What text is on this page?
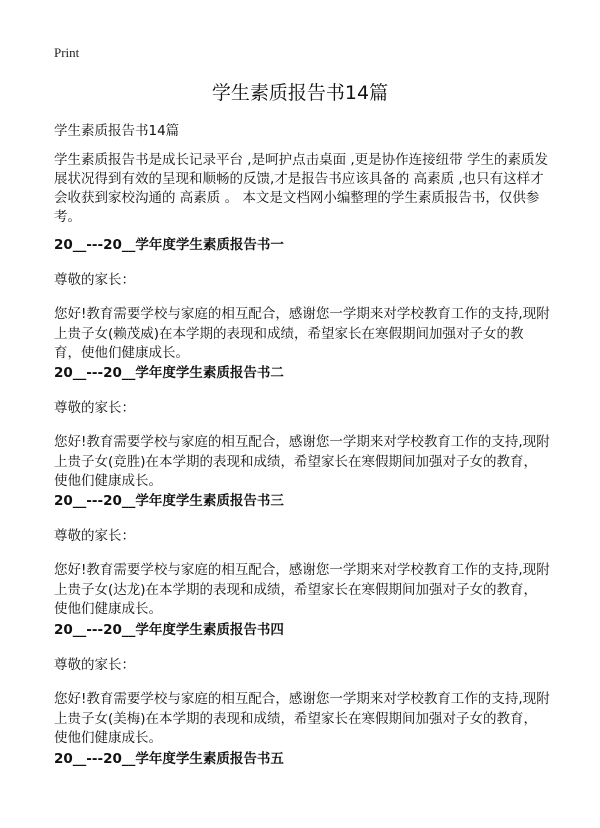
Print
学生素质报告书14篇
学生素质报告书14篇
学生素质报告书是成长记录平台 ,是呵护点击桌面 ,更是协作连接纽带 学生的素质发展状况得到有效的呈现和顺畅的反馈,才是报告书应该具备的 高素质 ,也只有这样才会收获到家校沟通的 高素质 。 本文是文档网小编整理的学生素质报告书，仅供参考。
20__---20__学年度学生素质报告书一
尊敬的家长：
您好!教育需要学校与家庭的相互配合，感谢您一学期来对学校教育工作的支持,现附上贵子女(赖茂威)在本学期的表现和成绩，希望家长在寒假期间加强对子女的教育，使他们健康成长。
20__---20__学年度学生素质报告书二
尊敬的家长：
您好!教育需要学校与家庭的相互配合，感谢您一学期来对学校教育工作的支持,现附上贵子女(竞胜)在本学期的表现和成绩，希望家长在寒假期间加强对子女的教育，使他们健康成长。
20__---20__学年度学生素质报告书三
尊敬的家长：
您好!教育需要学校与家庭的相互配合，感谢您一学期来对学校教育工作的支持,现附上贵子女(达龙)在本学期的表现和成绩，希望家长在寒假期间加强对子女的教育，使他们健康成长。
20__---20__学年度学生素质报告书四
尊敬的家长：
您好!教育需要学校与家庭的相互配合，感谢您一学期来对学校教育工作的支持,现附上贵子女(美梅)在本学期的表现和成绩，希望家长在寒假期间加强对子女的教育，使他们健康成长。
20__---20__学年度学生素质报告书五
